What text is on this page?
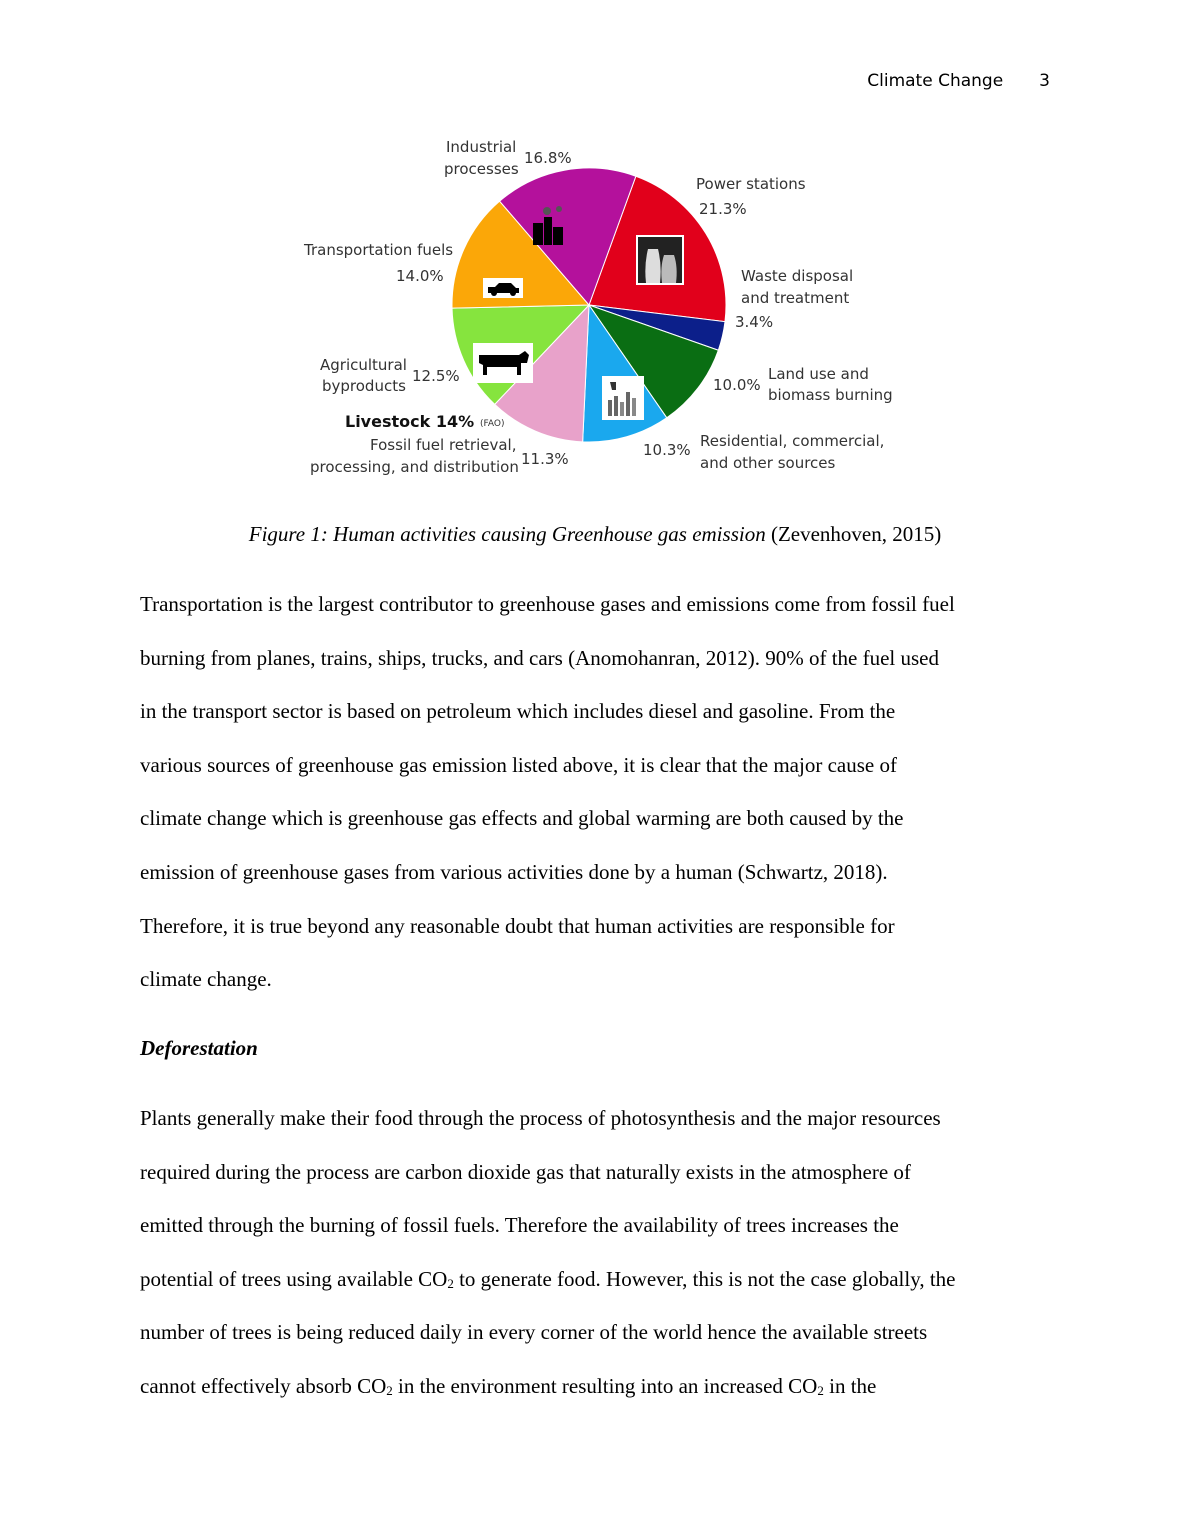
Climate Change 3
Industrial
processes
16.8%
Power stations
21.3%
Transportation fuels
14.0%	Waste disposal
and treatment
3.4%
Agricultural
byproducts
12.5%	Land use and
biomass burning
10.0%
Livestock 14% (FAO)
Fossil fuel retrieval,
processing, and distribution 11.3%	10.3% Residential, commercial,
and other sources
Figure 1: Human activities causing Greenhouse gas emission (Zevenhoven, 2015)
Transportation is the largest contributor to greenhouse gases and emissions come from fossil fuel
burning from planes, trains, ships, trucks, and cars (Anomohanran, 2012). 90% of the fuel used
in the transport sector is based on petroleum which includes diesel and gasoline. From the
various sources of greenhouse gas emission listed above, it is clear that the major cause of
climate change which is greenhouse gas effects and global warming are both caused by the
emission of greenhouse gases from various activities done by a human (Schwartz, 2018).
Therefore, it is true beyond any reasonable doubt that human activities are responsible for
climate change.
Deforestation
Plants generally make their food through the process of photosynthesis and the major resources
required during the process are carbon dioxide gas that naturally exists in the atmosphere of
emitted through the burning of fossil fuels. Therefore the availability of trees increases the
potential of trees using available $CO_2$ to generate food. However, this is not the case globally, the
number of trees is being reduced daily in every corner of the world hence the available streets
cannot effectively absorb $CO_2$ in the environment resulting into an increased $CO_2$ in the
